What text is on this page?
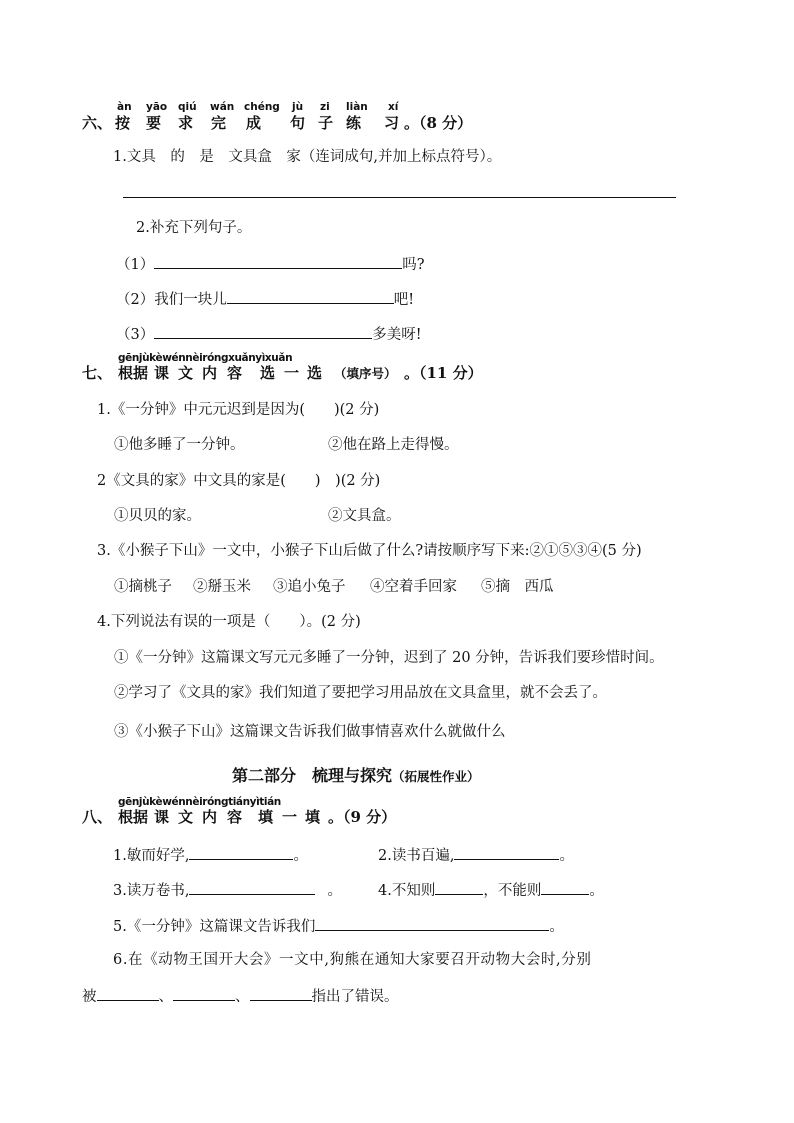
àn yāo qiú wán chéng jù zi liàn xí
六、 按 要 求 完 成 句 子 练 习 。（8 分）
1.文具　的　是　文具盒　家（连词成句,并加上标点符号）。
2.补充下列句子。
（1）	吗?
（2）我们一块儿	吧!
（3）	多美呀!
gēnjùkèwénnèiróngxuǎnyìxuǎn
七、 根据 课 文 内 容 选 一 选 （填序号） 。（11 分）
1.《一分钟》中元元迟到是因为(　　)(2 分)
①他多睡了一分钟。	②他在路上走得慢。
2《文具的家》中文具的家是(　　)　)(2 分)
①贝贝的家。	②文具盒。
3.《小猴子下山》一文中，小猴子下山后做了什么?请按顺序写下来:②①⑤③④(5 分)
①摘桃子 ②掰玉米 ③追小兔子 ④空着手回家 ⑤摘　西瓜
4.下列说法有误的一项是（　　）。(2 分)
①《一分钟》这篇课文写元元多睡了一分钟，迟到了 20 分钟，告诉我们要珍惜时间。
②学习了《文具的家》我们知道了要把学习用品放在文具盒里，就不会丢了。
③《小猴子下山》这篇课文告诉我们做事情喜欢什么就做什么
第二部分　梳理与探究（拓展性作业）
gēnjùkèwénnèiróngtiányìtián
八、 根据 课 文 内 容 填 一 填 。（9 分）
1.敏而好学,	。	2.读书百遍,	。
3.读万卷书,	。 4.不知则	，不能则	。
5.《一分钟》这篇课文告诉我们	。
6.在《动物王国开大会》一文中,狗熊在通知大家要召开动物大会时,分别
被	、	、	指出了错误。
